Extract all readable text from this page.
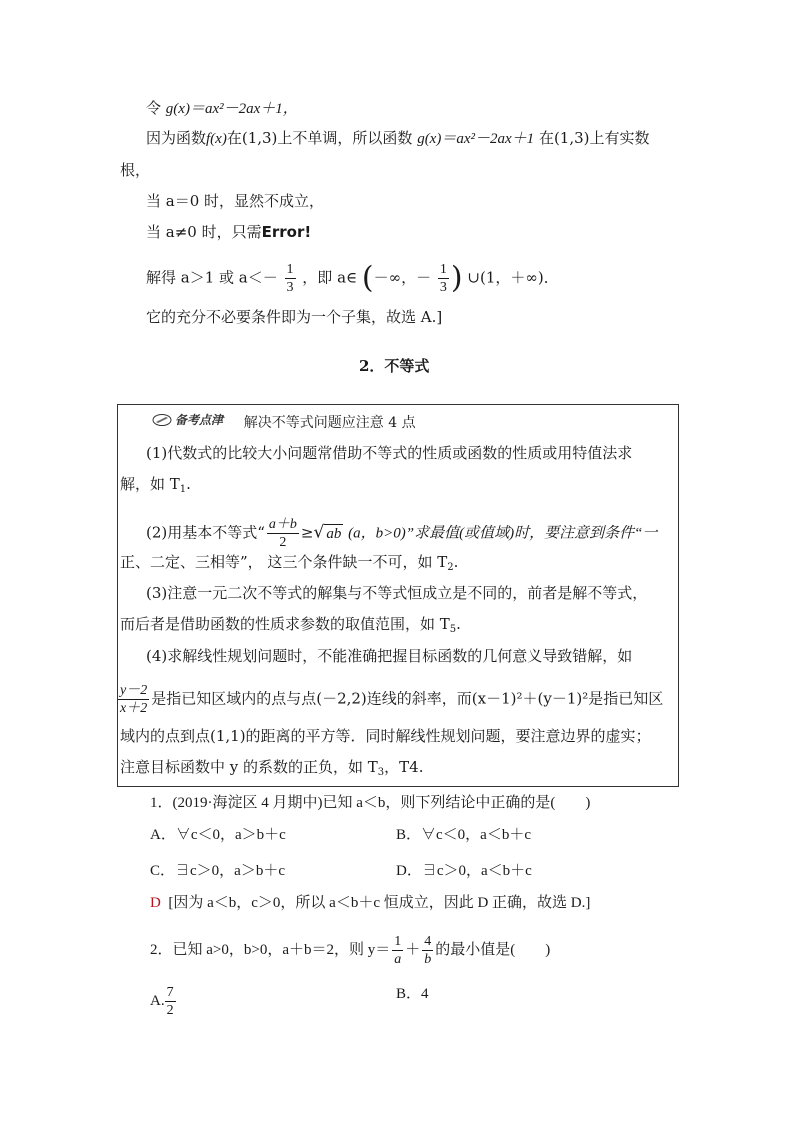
令 g(x)＝ax²－2ax＋1，
因为函数f(x)在(1,3)上不单调，所以函数 g(x)＝ax²－2ax＋1 在(1,3)上有实数
根，
当 a＝0 时，显然不成立，
当 a≠0 时，只需Error!
解得 a＞1 或 $a<- \frac{1}{3}$ ，即 a∈ (－∞，－ $\frac{1}{3}$ ) ∪(1，＋∞)．
它的充分不必要条件即为一个子集，故选 A.]
2．不等式
备考点津 解决不等式问题应注意 4 点
(1)代数式的比较大小问题常借助不等式的性质或函数的性质或用特值法求
解，如 $T_1$.
(2)用基本不等式“ $\frac{a+b}{2}$ ≥√ ab (a，b>0)”求最值(或值域)时，要注意到条件“一
正、二定、三相等”， 这三个条件缺一不可，如 $T_2$.
(3)注意一元二次不等式的解集与不等式恒成立是不同的，前者是解不等式，
而后者是借助函数的性质求参数的取值范围，如 $T_5$.
(4)求解线性规划问题时，不能准确把握目标函数的几何意义导致错解，如
$\frac{y-2}{x+2}$ 是指已知区域内的点与点(－2,2)连线的斜率，而(x－1)²＋(y－1)²是指已知区
域内的点到点(1,1)的距离的平方等．同时解线性规划问题，要注意边界的虚实；
注意目标函数中 y 的系数的正负，如 $T_3$，T4.
1．(2019·海淀区 4 月期中)已知 a＜b，则下列结论中正确的是(　　)
A．∀c＜0，a＞b＋c	B．∀c＜0，a＜b＋c
C．∃c＞0，a＞b＋c	D．∃c＞0，a＜b＋c
D [因为 a＜b，c＞0，所以 a＜b＋c 恒成立，因此 D 正确，故选 D.]
2．已知 a>0，b>0，a＋b＝2，则 $y= \frac{1}{a} + \frac{4}{b}$ 的最小值是(　　)
A. $\frac{7}{2}$	B．4
